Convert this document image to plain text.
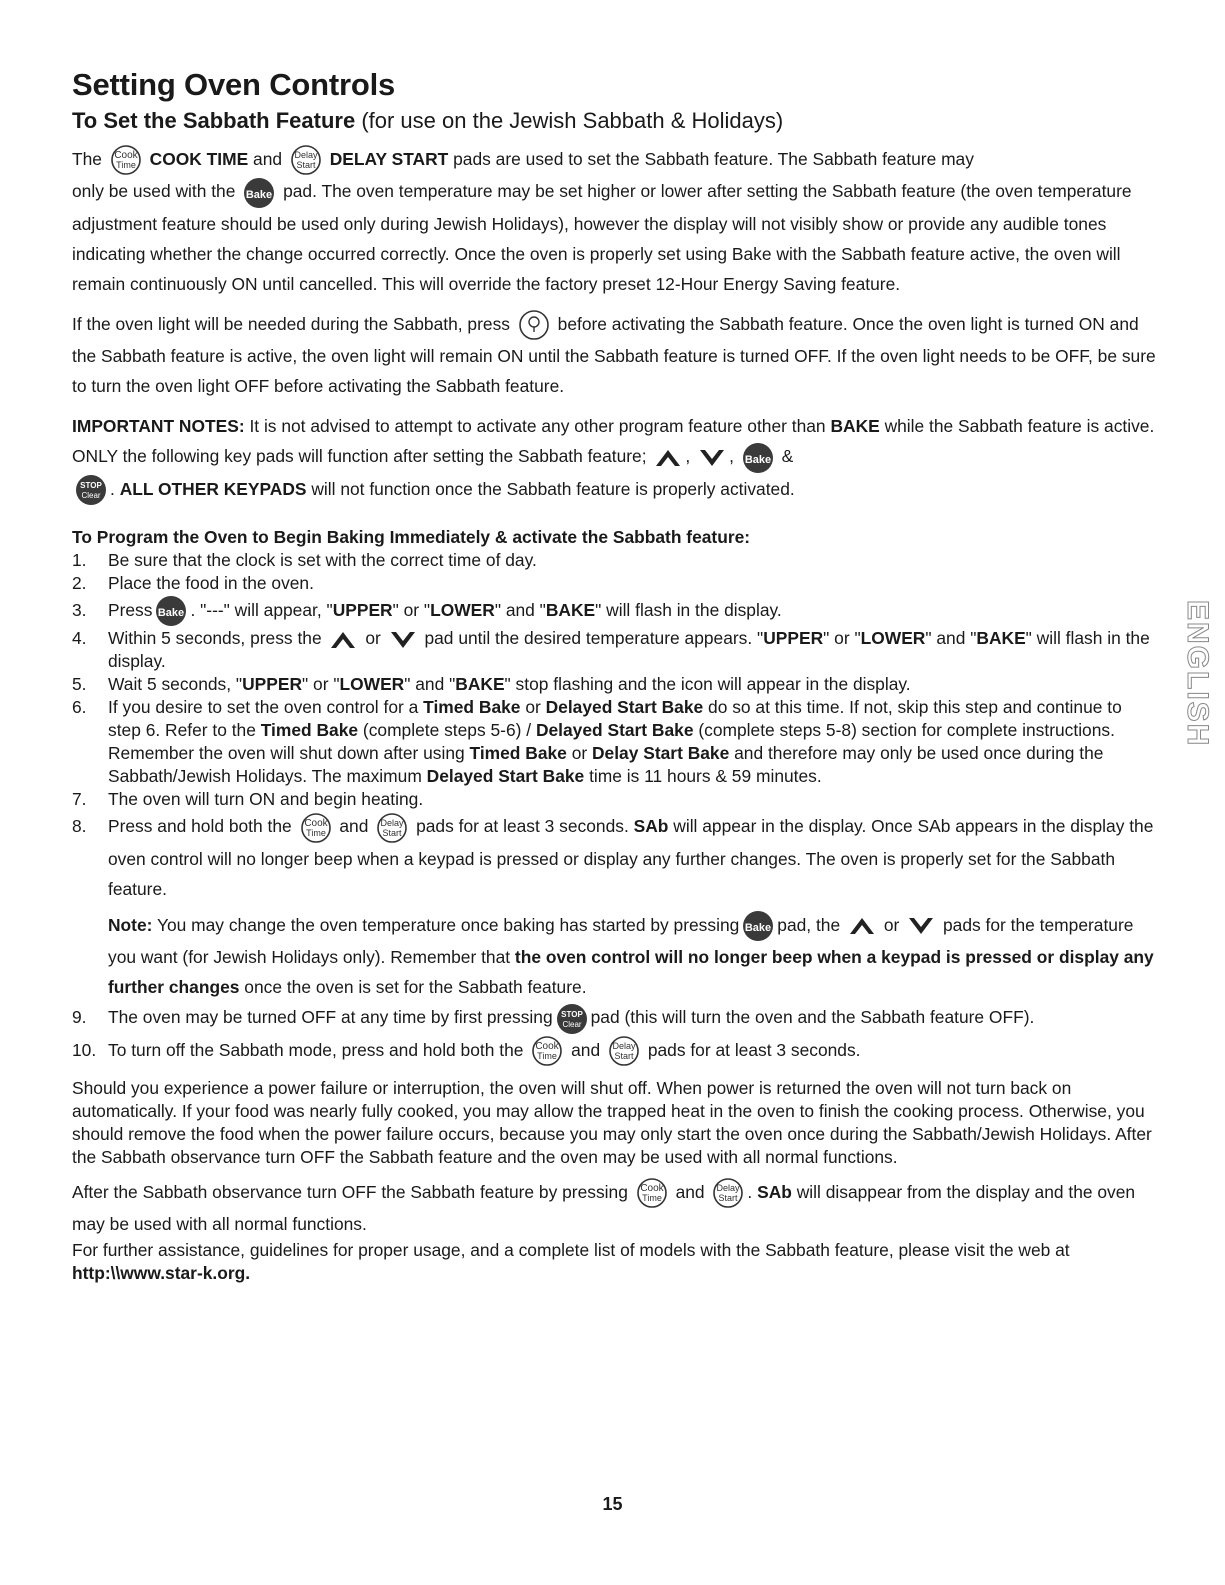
Setting Oven Controls
To Set the Sabbath Feature (for use on the Jewish Sabbath & Holidays)

The Cook
Time COOK TIME and Delay
Start DELAY START pads are used to set the Sabbath feature. The Sabbath feature may
only be used with the Bake pad. The oven temperature may be set higher or lower after setting the Sabbath feature (the oven temperature adjustment feature should be used only during Jewish Holidays), however the display will not visibly show or provide any audible tones indicating whether the change occurred correctly. Once the oven is properly set using Bake with the Sabbath feature active, the oven will remain continuously ON until cancelled. This will override the factory preset 12-Hour Energy Saving feature.

If the oven light will be needed during the Sabbath, press	before activating the Sabbath feature. Once the oven light is turned ON and the Sabbath feature is active, the oven light will remain ON until the Sabbath feature is turned OFF. If the oven light needs to be OFF, be sure to turn the oven light OFF before activating the Sabbath feature.

IMPORTANT NOTES: It is not advised to attempt to activate any other program feature other than BAKE while the Sabbath feature is active. ONLY the following key pads will function after setting the Sabbath feature; , , Bake &

STOP
Clear . ALL OTHER KEYPADS will not function once the Sabbath feature is properly activated.

To Program the Oven to Begin Baking Immediately & activate the Sabbath feature:
1. Be sure that the clock is set with the correct time of day.
2. Place the food in the oven.
3. Press Bake . "---" will appear, "UPPER" or "LOWER" and "BAKE" will flash in the display.
4. Within 5 seconds, press the	or	pad until the desired temperature appears. "UPPER" or "LOWER" and "BAKE" will flash in the display.
5. Wait 5 seconds, "UPPER" or "LOWER" and "BAKE" stop flashing and the icon will appear in the display.
6. If you desire to set the oven control for a Timed Bake or Delayed Start Bake do so at this time. If not, skip this step and continue to step 6. Refer to the Timed Bake (complete steps 5-6) / Delayed Start Bake (complete steps 5-8) section for complete instructions. Remember the oven will shut down after using Timed Bake or Delay Start Bake and therefore may only be used once during the Sabbath/Jewish Holidays. The maximum Delayed Start Bake time is 11 hours & 59 minutes.
7. The oven will turn ON and begin heating.
8. Press and hold both the Cook
Time and Delay
Start pads for at least 3 seconds. SAb will appear in the display. Once SAb appears in the display the oven control will no longer beep when a keypad is pressed or display any further changes. The oven is properly set for the Sabbath feature.
Note: You may change the oven temperature once baking has started by pressing Bake pad, the	or	pads for the temperature you want (for Jewish Holidays only). Remember that the oven control will no longer beep when a keypad is pressed or display any further changes once the oven is set for the Sabbath feature.
9. The oven may be turned OFF at any time by first pressing STOP
Clear pad (this will turn the oven and the Sabbath feature OFF).
10. To turn off the Sabbath mode, press and hold both the Cook
Time and Delay
Start pads for at least 3 seconds.

Should you experience a power failure or interruption, the oven will shut off. When power is returned the oven will not turn back on automatically. If your food was nearly fully cooked, you may allow the trapped heat in the oven to finish the cooking process. Otherwise, you should remove the food when the power failure occurs, because you may only start the oven once during the Sabbath/Jewish Holidays. After the Sabbath observance turn OFF the Sabbath feature and the oven may be used with all normal functions.

After the Sabbath observance turn OFF the Sabbath feature by pressing Cook
Time and Delay
Start . SAb will disappear from the display and the oven may be used with all normal functions.

For further assistance, guidelines for proper usage, and a complete list of models with the Sabbath feature, please visit the web at http:\\www.star-k.org.

15
ENGLISH
